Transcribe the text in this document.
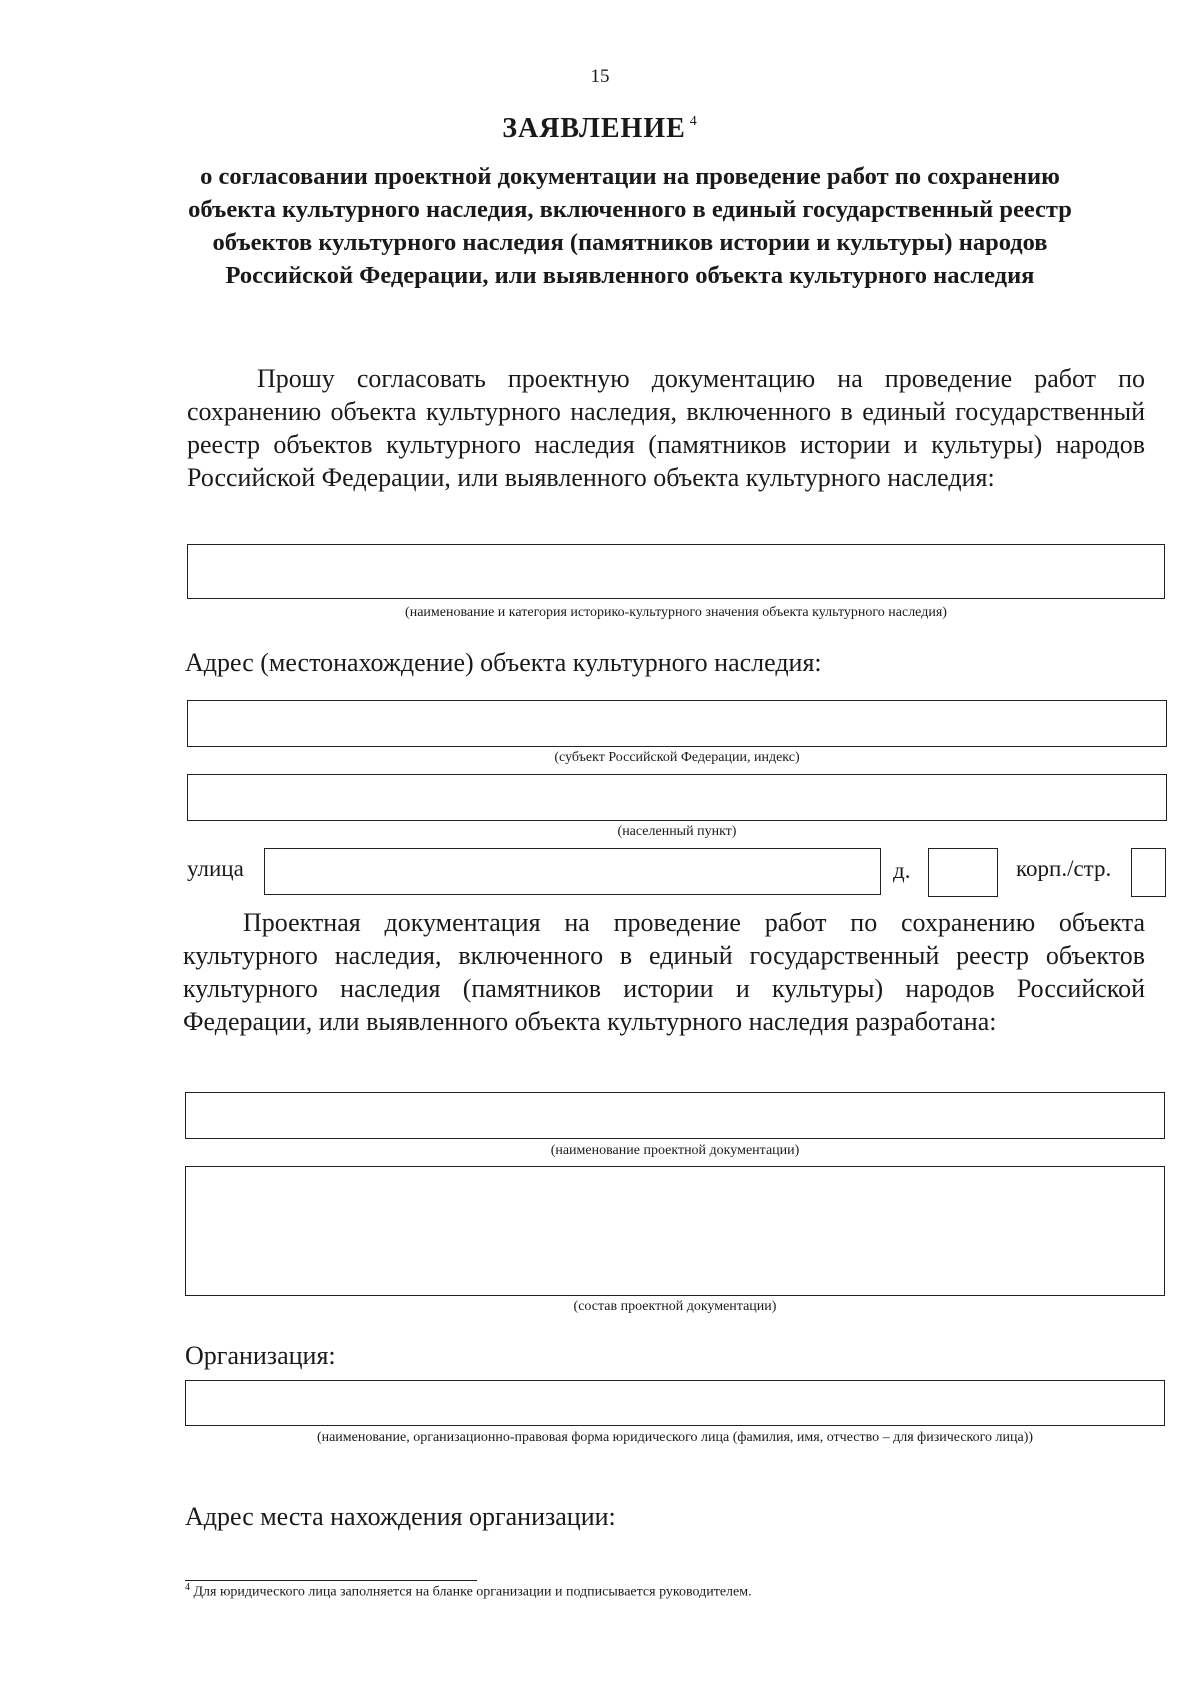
15
ЗАЯВЛЕНИЕ $^4$
о согласовании проектной документации на проведение работ по сохранению объекта культурного наследия, включенного в единый государственный реестр объектов культурного наследия (памятников истории и культуры) народов Российской Федерации, или выявленного объекта культурного наследия
Прошу согласовать проектную документацию на проведение работ по сохранению объекта культурного наследия, включенного в единый государственный реестр объектов культурного наследия (памятников истории и культуры) народов Российской Федерации, или выявленного объекта культурного наследия:
(наименование и категория историко-культурного значения объекта культурного наследия)
Адрес (местонахождение) объекта культурного наследия:
(субъект Российской Федерации, индекс)
(населенный пункт)
улица	д.	корп./стр.
Проектная документация на проведение работ по сохранению объекта культурного наследия, включенного в единый государственный реестр объектов культурного наследия (памятников истории и культуры) народов Российской Федерации, или выявленного объекта культурного наследия разработана:
(наименование проектной документации)
(состав проектной документации)
Организация:
(наименование, организационно-правовая форма юридического лица (фамилия, имя, отчество – для физического лица))
Адрес места нахождения организации:
$^4$ Для юридического лица заполняется на бланке организации и подписывается руководителем.
